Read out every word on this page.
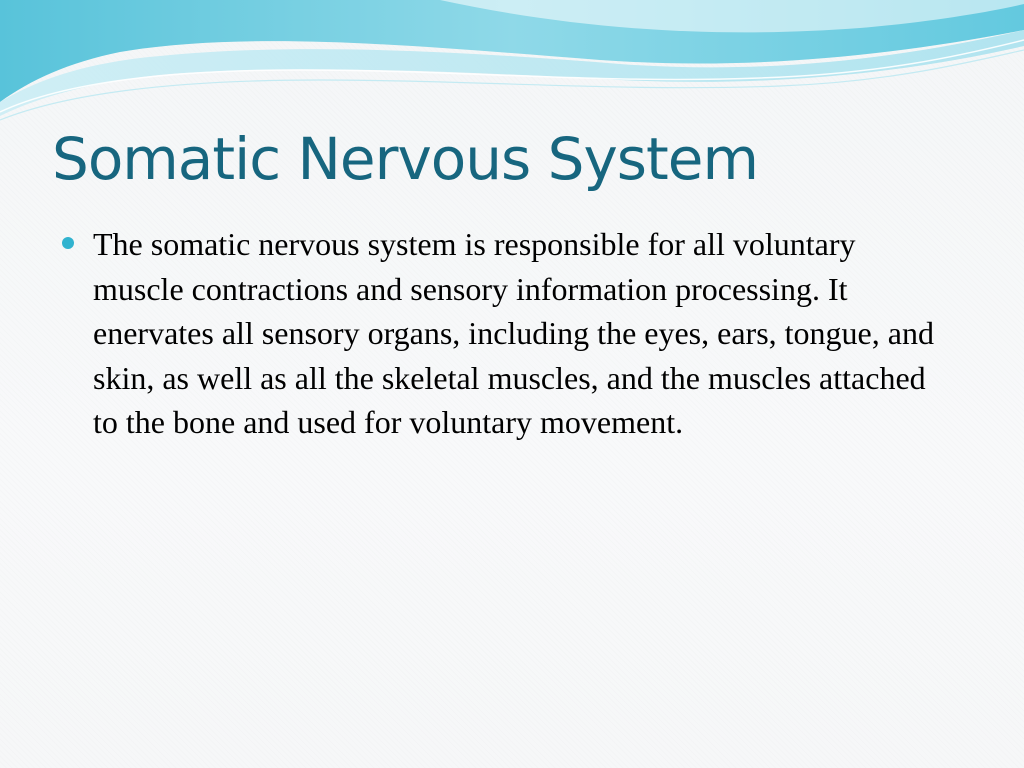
Somatic Nervous System
The somatic nervous system is responsible for all voluntary muscle contractions and sensory information processing. It enervates all sensory organs, including the eyes, ears, tongue, and skin, as well as all the skeletal muscles, and the muscles attached to the bone and used for voluntary movement.
